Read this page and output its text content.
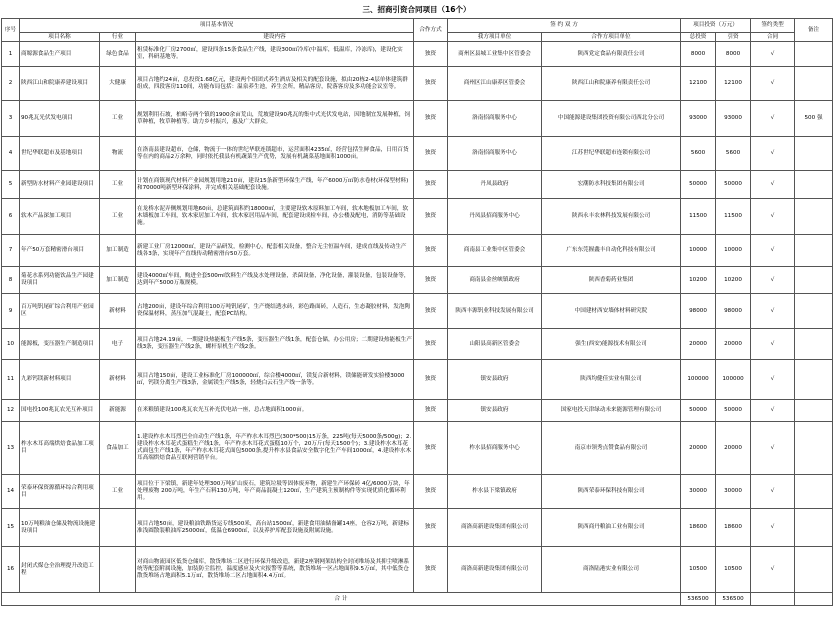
三、招商引资合同项目（16个）
序号	项目基本情况			合作方式	签 约 双 方		项目投资（万元）		签约类型	备注
	项目名称	行业	建设内容		我方项目单位	合作方项目单位	总投资	引资	合同	
1	商塬源食品生产项目	绿色食品	租赁标准化厂房2700㎡，建设四条15条食品生产线，建设300㎡冷库(中温库，低温库，冷冻库)，建设化实室，科研基地等。	独资	商州区县城工业集中区管委会	陕西党定食品有限责任公司	8000	8000	√	
2	陕西江山和院康养建设项目	大健康	项目占地约24亩，总投资1.68亿元，建设两个组团式养生酒店及相关的配套设施，拟由20栋2-4层单体建筑群组成，四段客房110间，功能布局包括：温泉养生池，养生会所，精品客房，院落客房及多功能会议室等。	独资	商州区江山康养区管委会	陕西江山和院康养有限责任公司	12100	12100	√	
3	90兆瓦光伏发电项目	工业	规划利用石坡，柏峪寺两个镇的1900余亩荒山，荒坡建设90兆瓦的集中式光伏发电站，因地制宜发展种植，饲草种植，牧草种植等。助力乡村振兴，惠及广大群众。	独资	洛南招商服务中心	中国能源建设集团投资有限公司西北分公司	93000	93000	√	500 强
4	世纪华联超市及基地项目	物流	在洛南县建设超市，仓储，物流于一体的世纪华联连锁超市，运营面积4235㎡，经营包括生鲜食品，日用百货等在内的商品2万余种，同时依托我县有机蔬菜生产优势，发展有机蔬菜基地面积1000亩。	独资	洛南招商服务中心	江苏世纪华联超市连锁有限公司	5600	5600	√	
5	新型防水材料产业园建设项目	工业	计划在商镇现代材料产业园规划用地210亩，建设15条新型环保生产线，年产6000万㎡防水卷材(环保型材料)和70000吨新型环保涂料，并完成相关基础配套设施。	独资	丹凤县政府	宏潮防水科技集团有限公司	50000	50000	√	
6	软木产品深加工项目	工业	在龙桥水泥弄侧规划用地60亩，总建筑面积约18000㎡，主要建设软木原料加工车间，软木地板加工车间，软木墙板加工车间，软木家居加工车间，软木家居用品车间，配套建设成检车间，办公楼及配电，消防等基础设施。	独资	丹凤县招商服务中心	陕西永丰农林科技发展有限公司	11500	11500	√	
7	年产50万套精密滑台项目	加工制造	新建工业厂房12000㎡，建设产品研发，检测中心，配套相关设备，整合无尘恒温车间，建成直线及传动生产线各3条，实现年产直线传动精密滑台50万套。	独资	商南县工业集中区管委会	广东东莞握鑫丰自动化科技有限公司	10000	10000	√	
8	菊花水系列功能饮品生产园建设项目	加工制造	建设4000㎡车间，购进全套500ml饮料生产线及水处理设备，杀菌设备，净化设备，灌装设备，包装设备等，达到年产5000万瓶规模。	独资	商南县金丝峡镇政府	陕西香菊药业集团	10200	10200	√	
9	百万吨钒尾矿综合利用产业园区	新材料	占地200亩，建设年综合利用100万吨钒尾矿，生产烧结透水砖，彩色路面砖，人造石，生态凝胶材料，发泡陶瓷保温材料，蒸压加气混凝土，配套PC结构。	独资	陕西丰源钒业科技发展有限公司	中国建材西安墙体材料研究院	98000	98000	√	
10	能源板，变压器生产制造项目	电子	项目占地24.19亩，一期建设热能板生产线5条，变压器生产线1条，配套仓储，办公用房；二期建设热能板生产线3条，变压器生产线2条，螺杆泵机生产线2条。	独资	山阳县高新区管委会	强生(西安)能源技术有限公司	20000	20000	√	
11	九彩钙镁新材料项目	新材料	项目占地150亩，建设工业标准化厂房100000㎡，综合楼4000㎡，镁复合新材料，镁储能研发实验楼3000㎡，钙镁分离生产线3条，金属镁生产线5条，轻烧白云石生产线一条等。	独资	镇安县政府	陕西均健佳实业有限公司	100000	100000	√	
12	国电投100兆瓦农光互补项目	新能源	在米粮镇建设100兆瓦农光互补光伏电站一座，总占地面积1000亩。	独资	镇安县政府	国家电投天津绿动未来能源管理有限公司	50000	50000	√	
13	柞水木耳高端烘焙食品加工项目	食品加工	1.建设柞水木耳烈巴全自动生产线1条，年产柞水木耳烈巴(300*500)15万条，225吨(每天5000条/500g)；2.建设柞水木耳花式蛋糕生产线1条，年产柞水木耳花式蛋糕10万个，20万斤(每天1500个)；3.建设柞水木耳花式面包生产线1条，年产柞水木耳花式面包5000条,提升柞水县食品安全数字化生产车间1000㎡，4.建设柞水木耳高端烘焙食品互联网营销平台。	独资	柞水县招商服务中心	南京市领秀点赞食品有限公司	20000	20000	√	
14	荣泰环保资源循环综合利用项目	工业	项目位于下梁镇，新建年处理300万吨矿山废石，建筑垃圾等固体废弃物，新建生产环保砖 4亿/6000万块，年处理废物 200万吨，年生产石料130万吨，年产商品混凝土120㎡，生产建筑主预制构件等实现优质化循环利用。	独资	柞水县下梁镇政府	陕西荣泰环保科技有限公司	30000	30000	√	
15	10万吨粮油仓储及物流设施建设项目		项目占地50亩，建设粮油铁路货运专线500米，高台站1500㎡，新建食用油储备罐14座，仓容2万吨，新建标准浅圆散装粮油库25000㎡，低温仓6900㎡，以及养护库配套设施及附属设施。	独资	商洛高新建设集团有限公司	陕西商丹粮油工业有限公司	18600	18600	√	
16	封闭式煤仓全治理提升改造工程		对商山物流园区低货仓储库，散货堆场二区进行环保升级改造，新建2座钢网架结构全封闭堆场及其抑尘喷淋系统等配套附属设施，加装防尘监控，温度感应及火灾报警等系统，散货堆场一区占地面积9.5万㎡，其中低货仓散货堆场占地面积5.1万㎡，散货堆场二区占地面积4.4万㎡。	独资	商洛高新建设集团有限公司	商洛陆港实业有限公司	10500	10500	√	
合 计							536500	536500		
